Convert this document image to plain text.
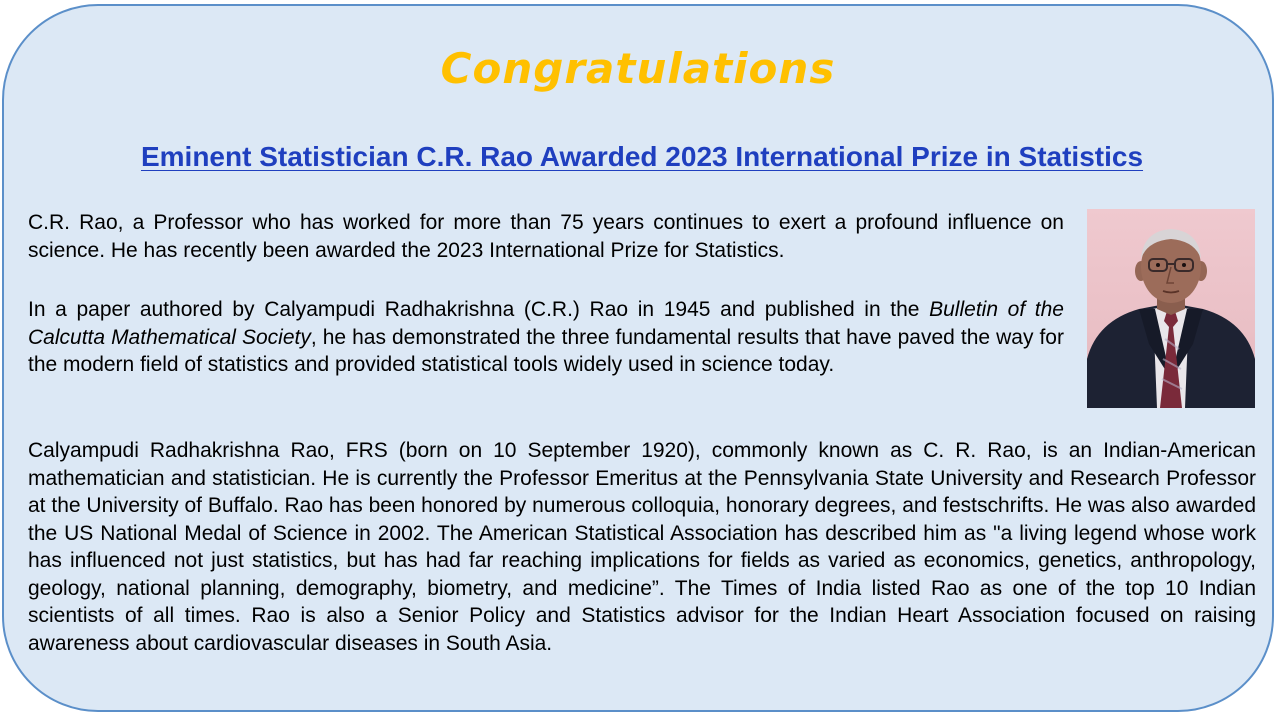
Congratulations
Eminent Statistician C.R. Rao Awarded 2023 International Prize in Statistics

C.R. Rao, a Professor who has worked for more than 75 years continues to exert a profound influence on science. He has recently been awarded the 2023 International Prize for Statistics.

In a paper authored by Calyampudi Radhakrishna (C.R.) Rao in 1945 and published in the Bulletin of the Calcutta Mathematical Society, he has demonstrated the three fundamental results that have paved the way for the modern field of statistics and provided statistical tools widely used in science today.

Calyampudi Radhakrishna Rao, FRS (born on 10 September 1920), commonly known as C. R. Rao, is an Indian-American mathematician and statistician. He is currently the Professor Emeritus at the Pennsylvania State University and Research Professor at the University of Buffalo. Rao has been honored by numerous colloquia, honorary degrees, and festschrifts. He was also awarded the US National Medal of Science in 2002. The American Statistical Association has described him as "a living legend whose work has influenced not just statistics, but has had far reaching implications for fields as varied as economics, genetics, anthropology, geology, national planning, demography, biometry, and medicine”. The Times of India listed Rao as one of the top 10 Indian scientists of all times. Rao is also a Senior Policy and Statistics advisor for the Indian Heart Association focused on raising awareness about cardiovascular diseases in South Asia.
